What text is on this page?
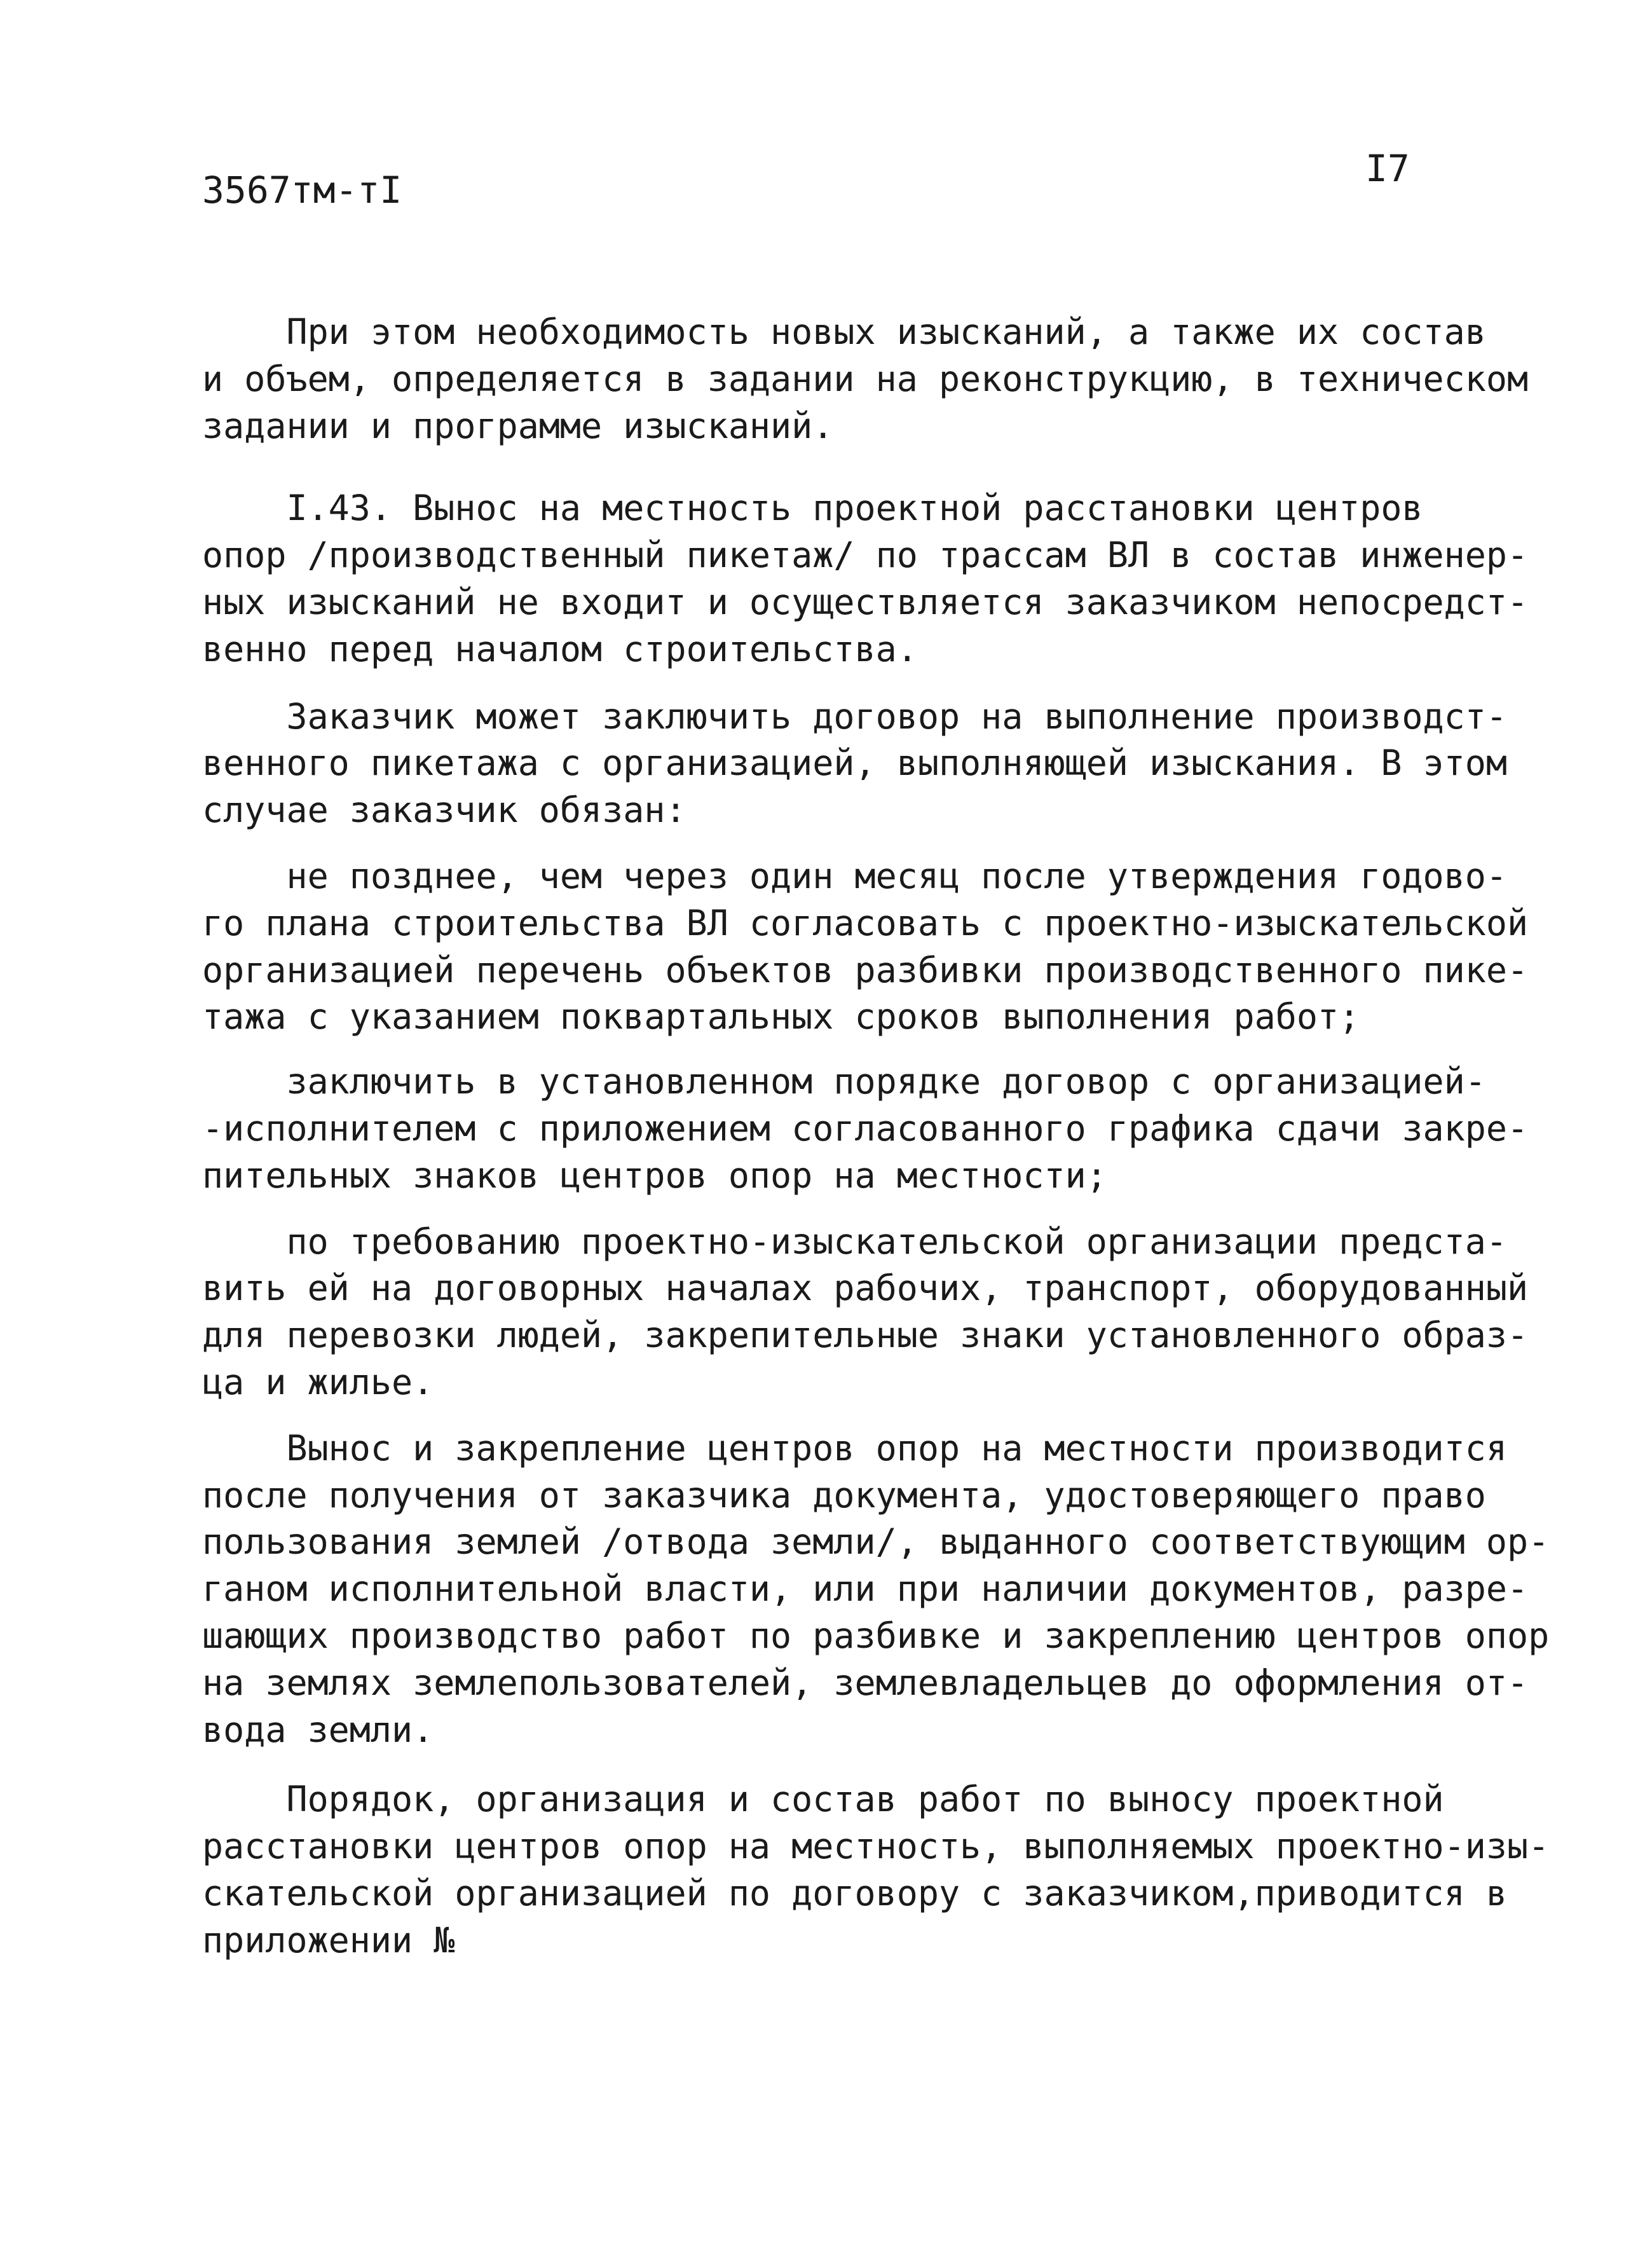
3567тм-тI	I7
При этом необходимость новых изысканий, а также их состав
и объем, определяется в задании на реконструкцию, в техническом
задании и программе изысканий.
I.43. Вынос на местность проектной расстановки центров
опор /производственный пикетаж/ по трассам ВЛ в состав инженер-
ных изысканий не входит и осуществляется заказчиком непосредст-
венно перед началом строительства.
Заказчик может заключить договор на выполнение производст-
венного пикетажа с организацией, выполняющей изыскания. В этом
случае заказчик обязан:
не позднее, чем через один месяц после утверждения годово-
го плана строительства ВЛ согласовать с проектно-изыскательской
организацией перечень объектов разбивки производственного пике-
тажа с указанием поквартальных сроков выполнения работ;
заключить в установленном порядке договор с организацией-
-исполнителем с приложением согласованного графика сдачи закре-
пительных знаков центров опор на местности;
по требованию проектно-изыскательской организации предста-
вить ей на договорных началах рабочих, транспорт, оборудованный
для перевозки людей, закрепительные знаки установленного образ-
ца и жилье.
Вынос и закрепление центров опор на местности производится
после получения от заказчика документа, удостоверяющего право
пользования землей /отвода земли/, выданного соответствующим ор-
ганом исполнительной власти, или при наличии документов, разре-
шающих производство работ по разбивке и закреплению центров опор
на землях землепользователей, землевладельцев до оформления от-
вода земли.
Порядок, организация и состав работ по выносу проектной
расстановки центров опор на местность, выполняемых проектно-изы-
скательской организацией по договору с заказчиком,приводится в
приложении №
